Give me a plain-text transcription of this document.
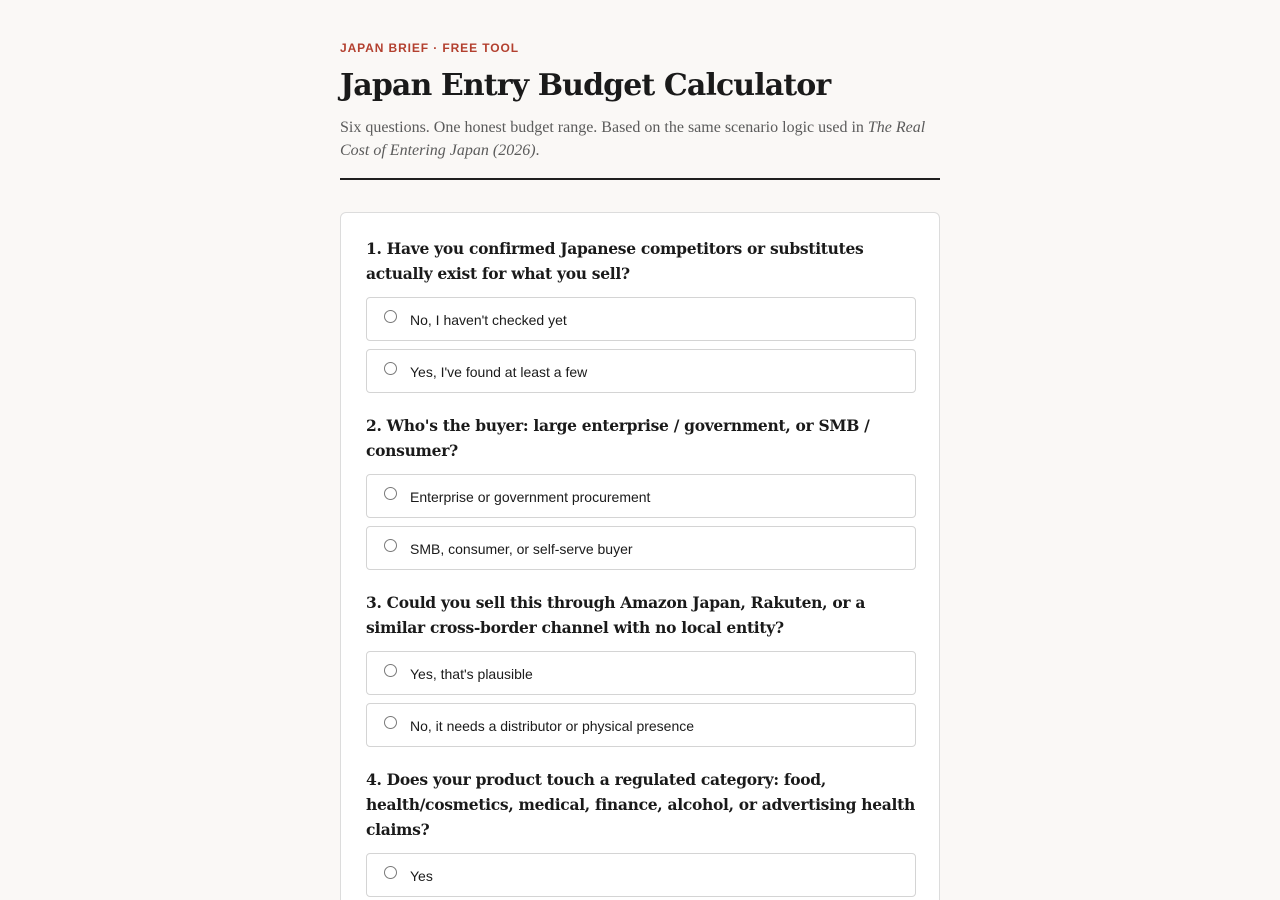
JAPAN BRIEF · FREE TOOL
Japan Entry Budget Calculator

Six questions. One honest budget range. Based on the same scenario logic used in The Real Cost of Entering Japan (2026).

1. Have you confirmed Japanese competitors or substitutes actually exist for what you sell?

No, I haven't checked yet
Yes, I've found at least a few

2. Who's the buyer: large enterprise / government, or SMB / consumer?

Enterprise or government procurement
SMB, consumer, or self-serve buyer

3. Could you sell this through Amazon Japan, Rakuten, or a similar cross-border channel with no local entity?

Yes, that's plausible
No, it needs a distributor or physical presence

4. Does your product touch a regulated category: food, health/cosmetics, medical, finance, alcohol, or advertising health claims?

Yes
